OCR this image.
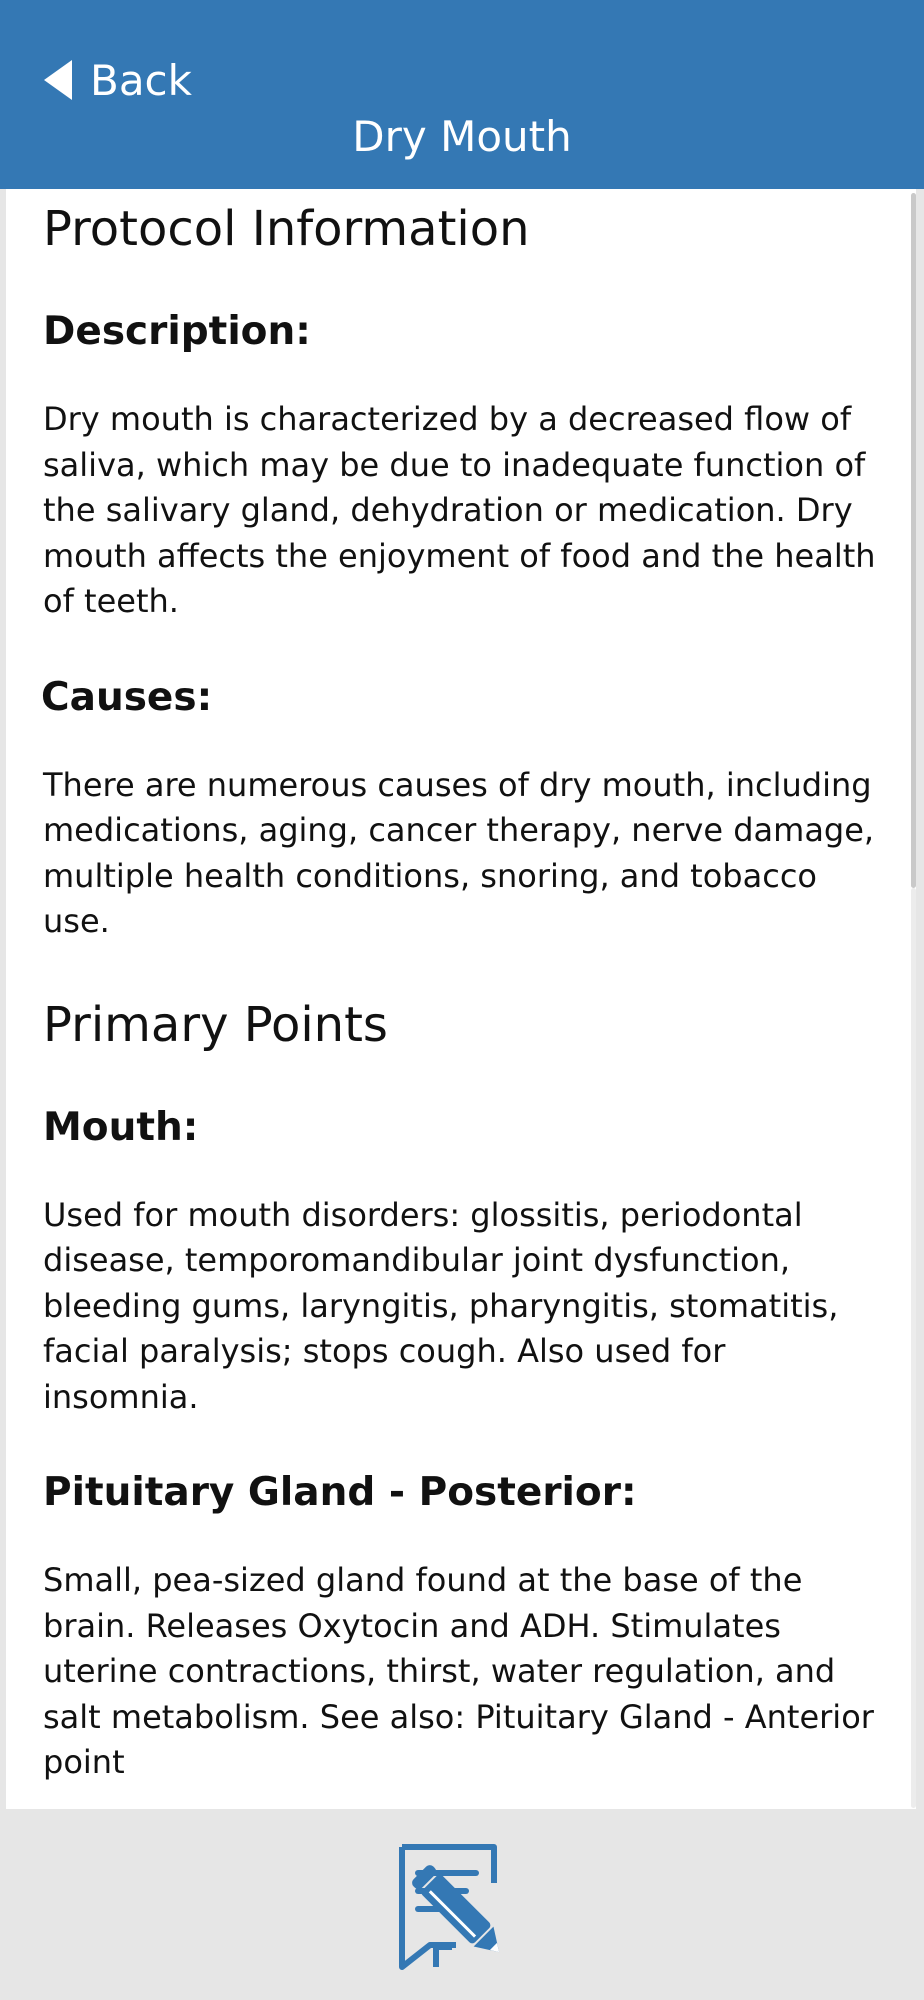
Back
Dry Mouth
Protocol Information
Description:

Dry mouth is characterized by a decreased flow of saliva, which may be due to inadequate function of the salivary gland, dehydration or medication. Dry mouth affects the enjoyment of food and the health of teeth.

Causes:

There are numerous causes of dry mouth, including medications, aging, cancer therapy, nerve damage, multiple health conditions, snoring, and tobacco use.

Primary Points
Mouth:

Used for mouth disorders: glossitis, periodontal disease, temporomandibular joint dysfunction, bleeding gums, laryngitis, pharyngitis, stomatitis, facial paralysis; stops cough. Also used for insomnia.

Pituitary Gland - Posterior:

Small, pea-sized gland found at the base of the brain. Releases Oxytocin and ADH. Stimulates uterine contractions, thirst, water regulation, and salt metabolism. See also: Pituitary Gland - Anterior point
